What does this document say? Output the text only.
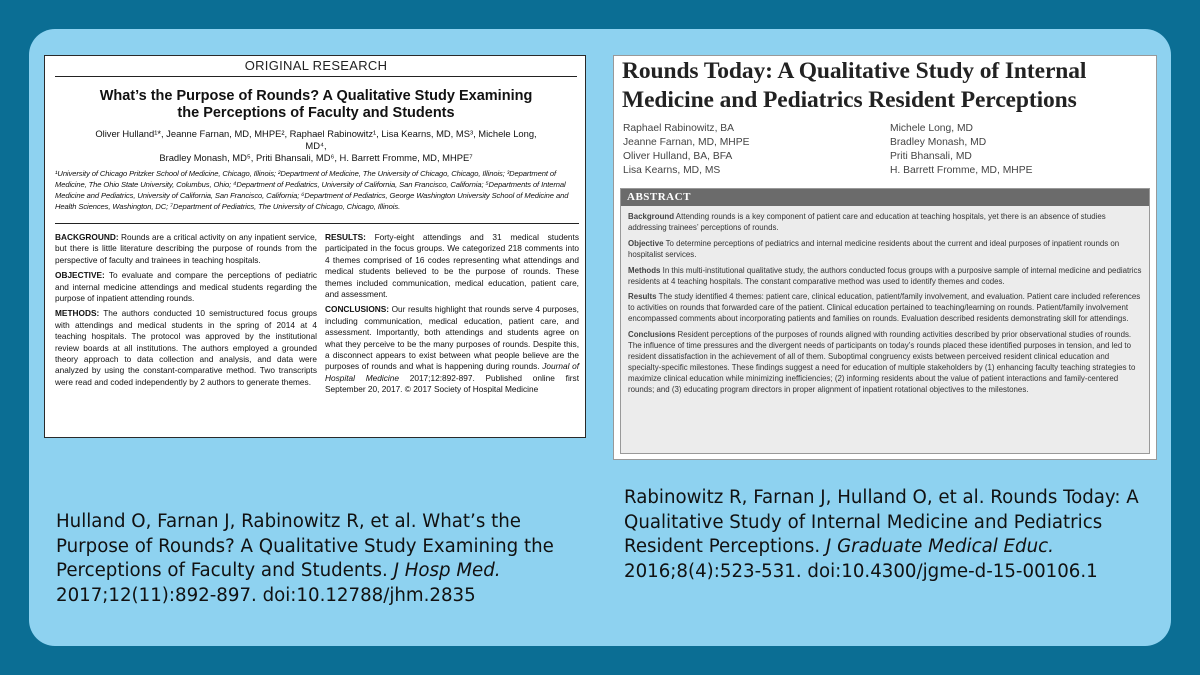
ORIGINAL RESEARCH
What’s the Purpose of Rounds? A Qualitative Study Examining
the Perceptions of Faculty and Students
Oliver Hulland¹*, Jeanne Farnan, MD, MHPE², Raphael Rabinowitz¹, Lisa Kearns, MD, MS³, Michele Long, MD⁴,
Bradley Monash, MD⁵, Priti Bhansali, MD⁶, H. Barrett Fromme, MD, MHPE⁷
¹University of Chicago Pritzker School of Medicine, Chicago, Illinois; ²Department of Medicine, The University of Chicago, Chicago, Illinois; ³Department of Medicine, The Ohio State University, Columbus, Ohio; ⁴Department of Pediatrics, University of California, San Francisco, California; ⁵Departments of Internal Medicine and Pediatrics, University of California, San Francisco, California; ⁶Department of Pediatrics, George Washington University School of Medicine and Health Sciences, Washington, DC; ⁷Department of Pediatrics, The University of Chicago, Chicago, Illinois.

BACKGROUND: Rounds are a critical activity on any inpatient service, but there is little literature describing the purpose of rounds from the perspective of faculty and trainees in teaching hospitals.

OBJECTIVE: To evaluate and compare the perceptions of pediatric and internal medicine attendings and medical students regarding the purpose of inpatient attending rounds.

METHODS: The authors conducted 10 semistructured focus groups with attendings and medical students in the spring of 2014 at 4 teaching hospitals. The protocol was approved by the institutional review boards at all institutions. The authors employed a grounded theory approach to data collection and analysis, and data were analyzed by using the constant-comparative method. Two transcripts were read and coded independently by 2 authors to generate themes.

RESULTS: Forty-eight attendings and 31 medical students participated in the focus groups. We categorized 218 comments into 4 themes comprised of 16 codes representing what attendings and medical students believed to be the purpose of rounds. These themes included communication, medical education, patient care, and assessment.

CONCLUSIONS: Our results highlight that rounds serve 4 purposes, including communication, medical education, patient care, and assessment. Importantly, both attendings and students agree on what they perceive to be the many purposes of rounds. Despite this, a disconnect appears to exist between what people believe are the purposes of rounds and what is happening during rounds. Journal of Hospital Medicine 2017;12:892-897. Published online first September 20, 2017. © 2017 Society of Hospital Medicine

Rounds Today: A Qualitative Study of Internal
Medicine and Pediatrics Resident Perceptions
Raphael Rabinowitz, BA
Jeanne Farnan, MD, MHPE
Oliver Hulland, BA, BFA
Lisa Kearns, MD, MS
Michele Long, MD
Bradley Monash, MD
Priti Bhansali, MD
H. Barrett Fromme, MD, MHPE
ABSTRACT

Background Attending rounds is a key component of patient care and education at teaching hospitals, yet there is an absence of studies addressing trainees’ perceptions of rounds.

Objective To determine perceptions of pediatrics and internal medicine residents about the current and ideal purposes of inpatient rounds on hospitalist services.

Methods In this multi-institutional qualitative study, the authors conducted focus groups with a purposive sample of internal medicine and pediatrics residents at 4 teaching hospitals. The constant comparative method was used to identify themes and codes.

Results The study identified 4 themes: patient care, clinical education, patient/family involvement, and evaluation. Patient care included references to activities on rounds that forwarded care of the patient. Clinical education pertained to teaching/learning on rounds. Patient/family involvement encompassed comments about incorporating patients and families on rounds. Evaluation described residents demonstrating skill for attendings.

Conclusions Resident perceptions of the purposes of rounds aligned with rounding activities described by prior observational studies of rounds. The influence of time pressures and the divergent needs of participants on today’s rounds placed these identified purposes in tension, and led to resident dissatisfaction in the achievement of all of them. Suboptimal congruency exists between perceived resident clinical education and specialty-specific milestones. These findings suggest a need for education of multiple stakeholders by (1) enhancing faculty teaching strategies to maximize clinical education while minimizing inefficiencies; (2) informing residents about the value of patient interactions and family-centered rounds; and (3) educating program directors in proper alignment of inpatient rotational objectives to the milestones.

Hulland O, Farnan J, Rabinowitz R, et al. What’s the Purpose of Rounds? A Qualitative Study Examining the Perceptions of Faculty and Students. J Hosp Med. 2017;12(11):892-897. doi:10.12788/jhm.2835
Rabinowitz R, Farnan J, Hulland O, et al. Rounds Today: A Qualitative Study of Internal Medicine and Pediatrics Resident Perceptions. J Graduate Medical Educ. 2016;8(4):523-531. doi:10.4300/jgme-d-15-00106.1
